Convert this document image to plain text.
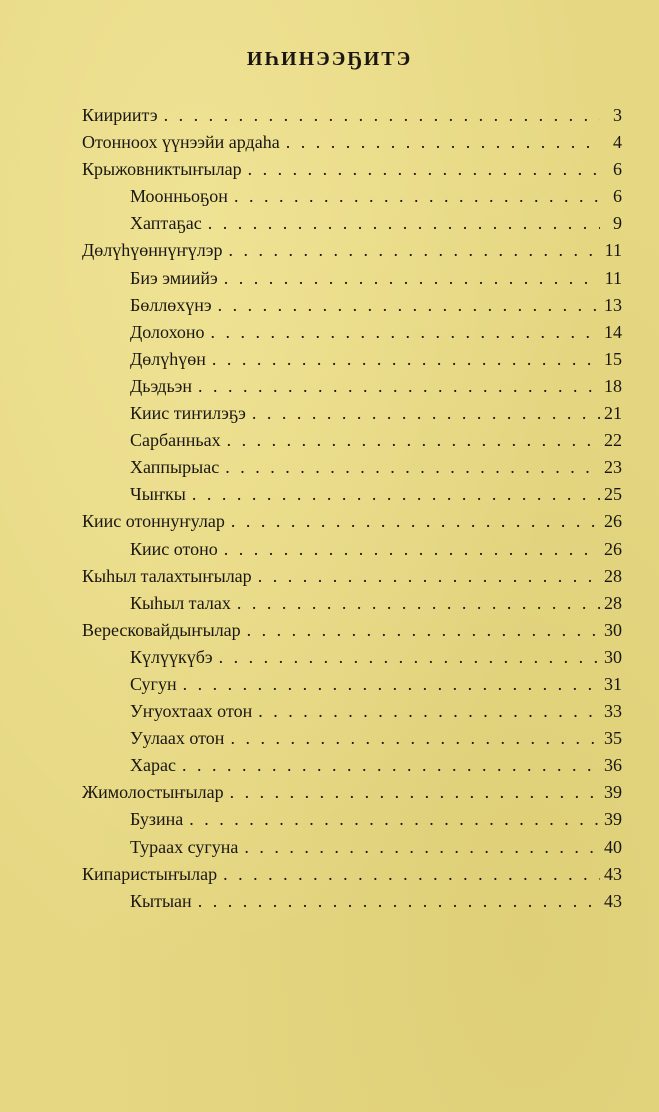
ИҺИНЭЭҔИТЭ
Киириитэ . . .	3
Отонноох үүнээйи ардаһа . . .	4
Крыжовниктыҥылар . . .	6
Моонньоҕон . . .	6
Хаптаҕас . . .	9
Дөлүһүөннүҥүлэр . . .	11
Биэ эмиийэ . . .	11
Бөллөхүнэ . . .	13
Долохоно . . .	14
Дөлүһүөн . . .	15
Дьэдьэн . . .	18
Киис тиҥилэҕэ . . .	21
Сарбанньах . . .	22
Хаппырыас . . .	23
Чыҥкы . . .	25
Киис отоннуҥулар . . .	26
Киис отоно . . .	26
Кыһыл талахтыҥылар . . .	28
Кыһыл талах . . .	28
Вересковайдыҥылар . . .	30
Күлүүкүбэ . . .	30
Сугун . . .	31
Уҥуохтаах отон . . .	33
Уулаах отон . . .	35
Харас . . .	36
Жимолостыҥылар . . .	39
Бузина . . .	39
Тураах сугуна . . .	40
Кипаристыҥылар . . .	43
Кытыан . . .	43
